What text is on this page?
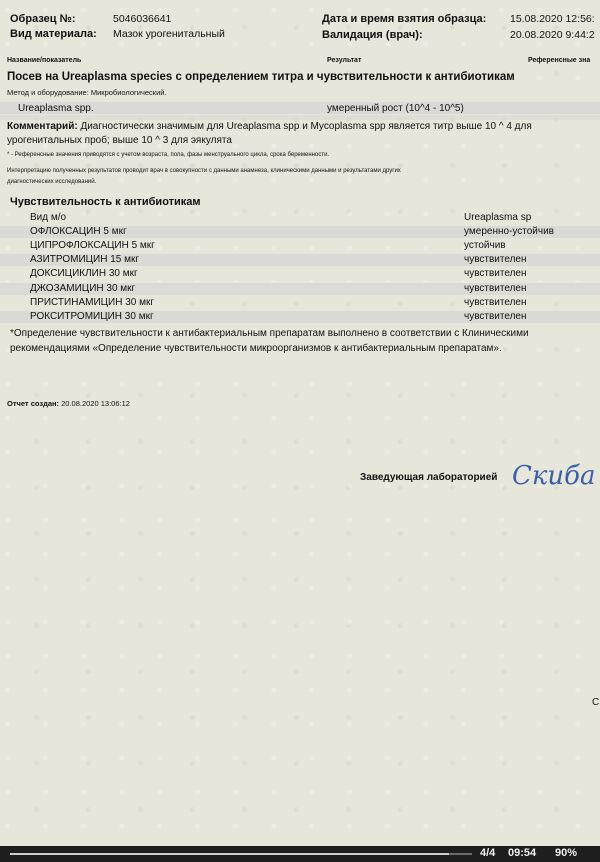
Образец №:	5046036641
Вид материала: Мазок урогенитальный
Дата и время взятия образца: 15.08.2020 12:56:
Валидация (врач):	20.08.2020 9:44:2
Название/показатель	Результат	Референсные зна
Посев на Ureaplasma species с определением титра и чувствительности к антибиотикам
Метод и оборудование: Микробиологический.
Ureaplasma spp.	умеренный рост (10^4 - 10^5)
Комментарий: Диагностически значимым для Ureaplasma spp и Mycoplasma spp является титр выше 10 ^ 4 для
урогенитальных проб; выше 10 ^ 3 для эякулята
* - Референсные значения приводятся с учетом возраста, пола, фазы менструального цикла, срока беременности.
Интерпретацию полученных результатов проводит врач в совокупности с данными анамнеза, клиническими данными и результатами других
диагностических исследований.
Чувствительность к антибиотикам
Вид м/о	Ureaplasma sp
ОФЛОКСАЦИН 5 мкг	умеренно-устойчив
ЦИПРОФЛОКСАЦИН 5 мкг	устойчив
АЗИТРОМИЦИН 15 мкг	чувствителен
ДОКСИЦИКЛИН 30 мкг	чувствителен
ДЖОЗАМИЦИН 30 мкг	чувствителен
ПРИСТИНАМИЦИН 30 мкг	чувствителен
РОКСИТРОМИЦИН 30 мкг	чувствителен
*Определение чувствительности к антибактериальным препаратам выполнено в соответствии с Клиническими
рекомендациями «Определение чувствительности микроорганизмов к антибактериальным препаратам».
Отчет создан: 20.08.2020 13:06:12
Заведующая лабораторией Скиба
С
4/4 09:54 90%
